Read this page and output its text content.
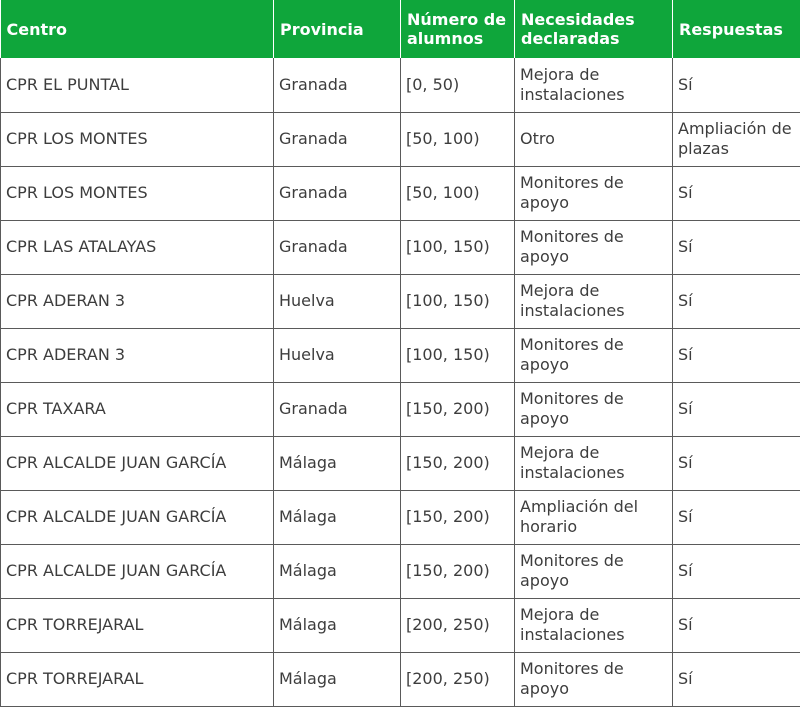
Centro	Provincia	Número de alumnos	Necesidades declaradas	Respuestas
CPR EL PUNTAL	Granada	[0, 50)	Mejora de instalaciones	Sí
CPR LOS MONTES	Granada	[50, 100)	Otro	Ampliación de plazas
CPR LOS MONTES	Granada	[50, 100)	Monitores de apoyo	Sí
CPR LAS ATALAYAS	Granada	[100, 150)	Monitores de apoyo	Sí
CPR ADERAN 3	Huelva	[100, 150)	Mejora de instalaciones	Sí
CPR ADERAN 3	Huelva	[100, 150)	Monitores de apoyo	Sí
CPR TAXARA	Granada	[150, 200)	Monitores de apoyo	Sí
CPR ALCALDE JUAN GARCÍA	Málaga	[150, 200)	Mejora de instalaciones	Sí
CPR ALCALDE JUAN GARCÍA	Málaga	[150, 200)	Ampliación del horario	Sí
CPR ALCALDE JUAN GARCÍA	Málaga	[150, 200)	Monitores de apoyo	Sí
CPR TORREJARAL	Málaga	[200, 250)	Mejora de instalaciones	Sí
CPR TORREJARAL	Málaga	[200, 250)	Monitores de apoyo	Sí
